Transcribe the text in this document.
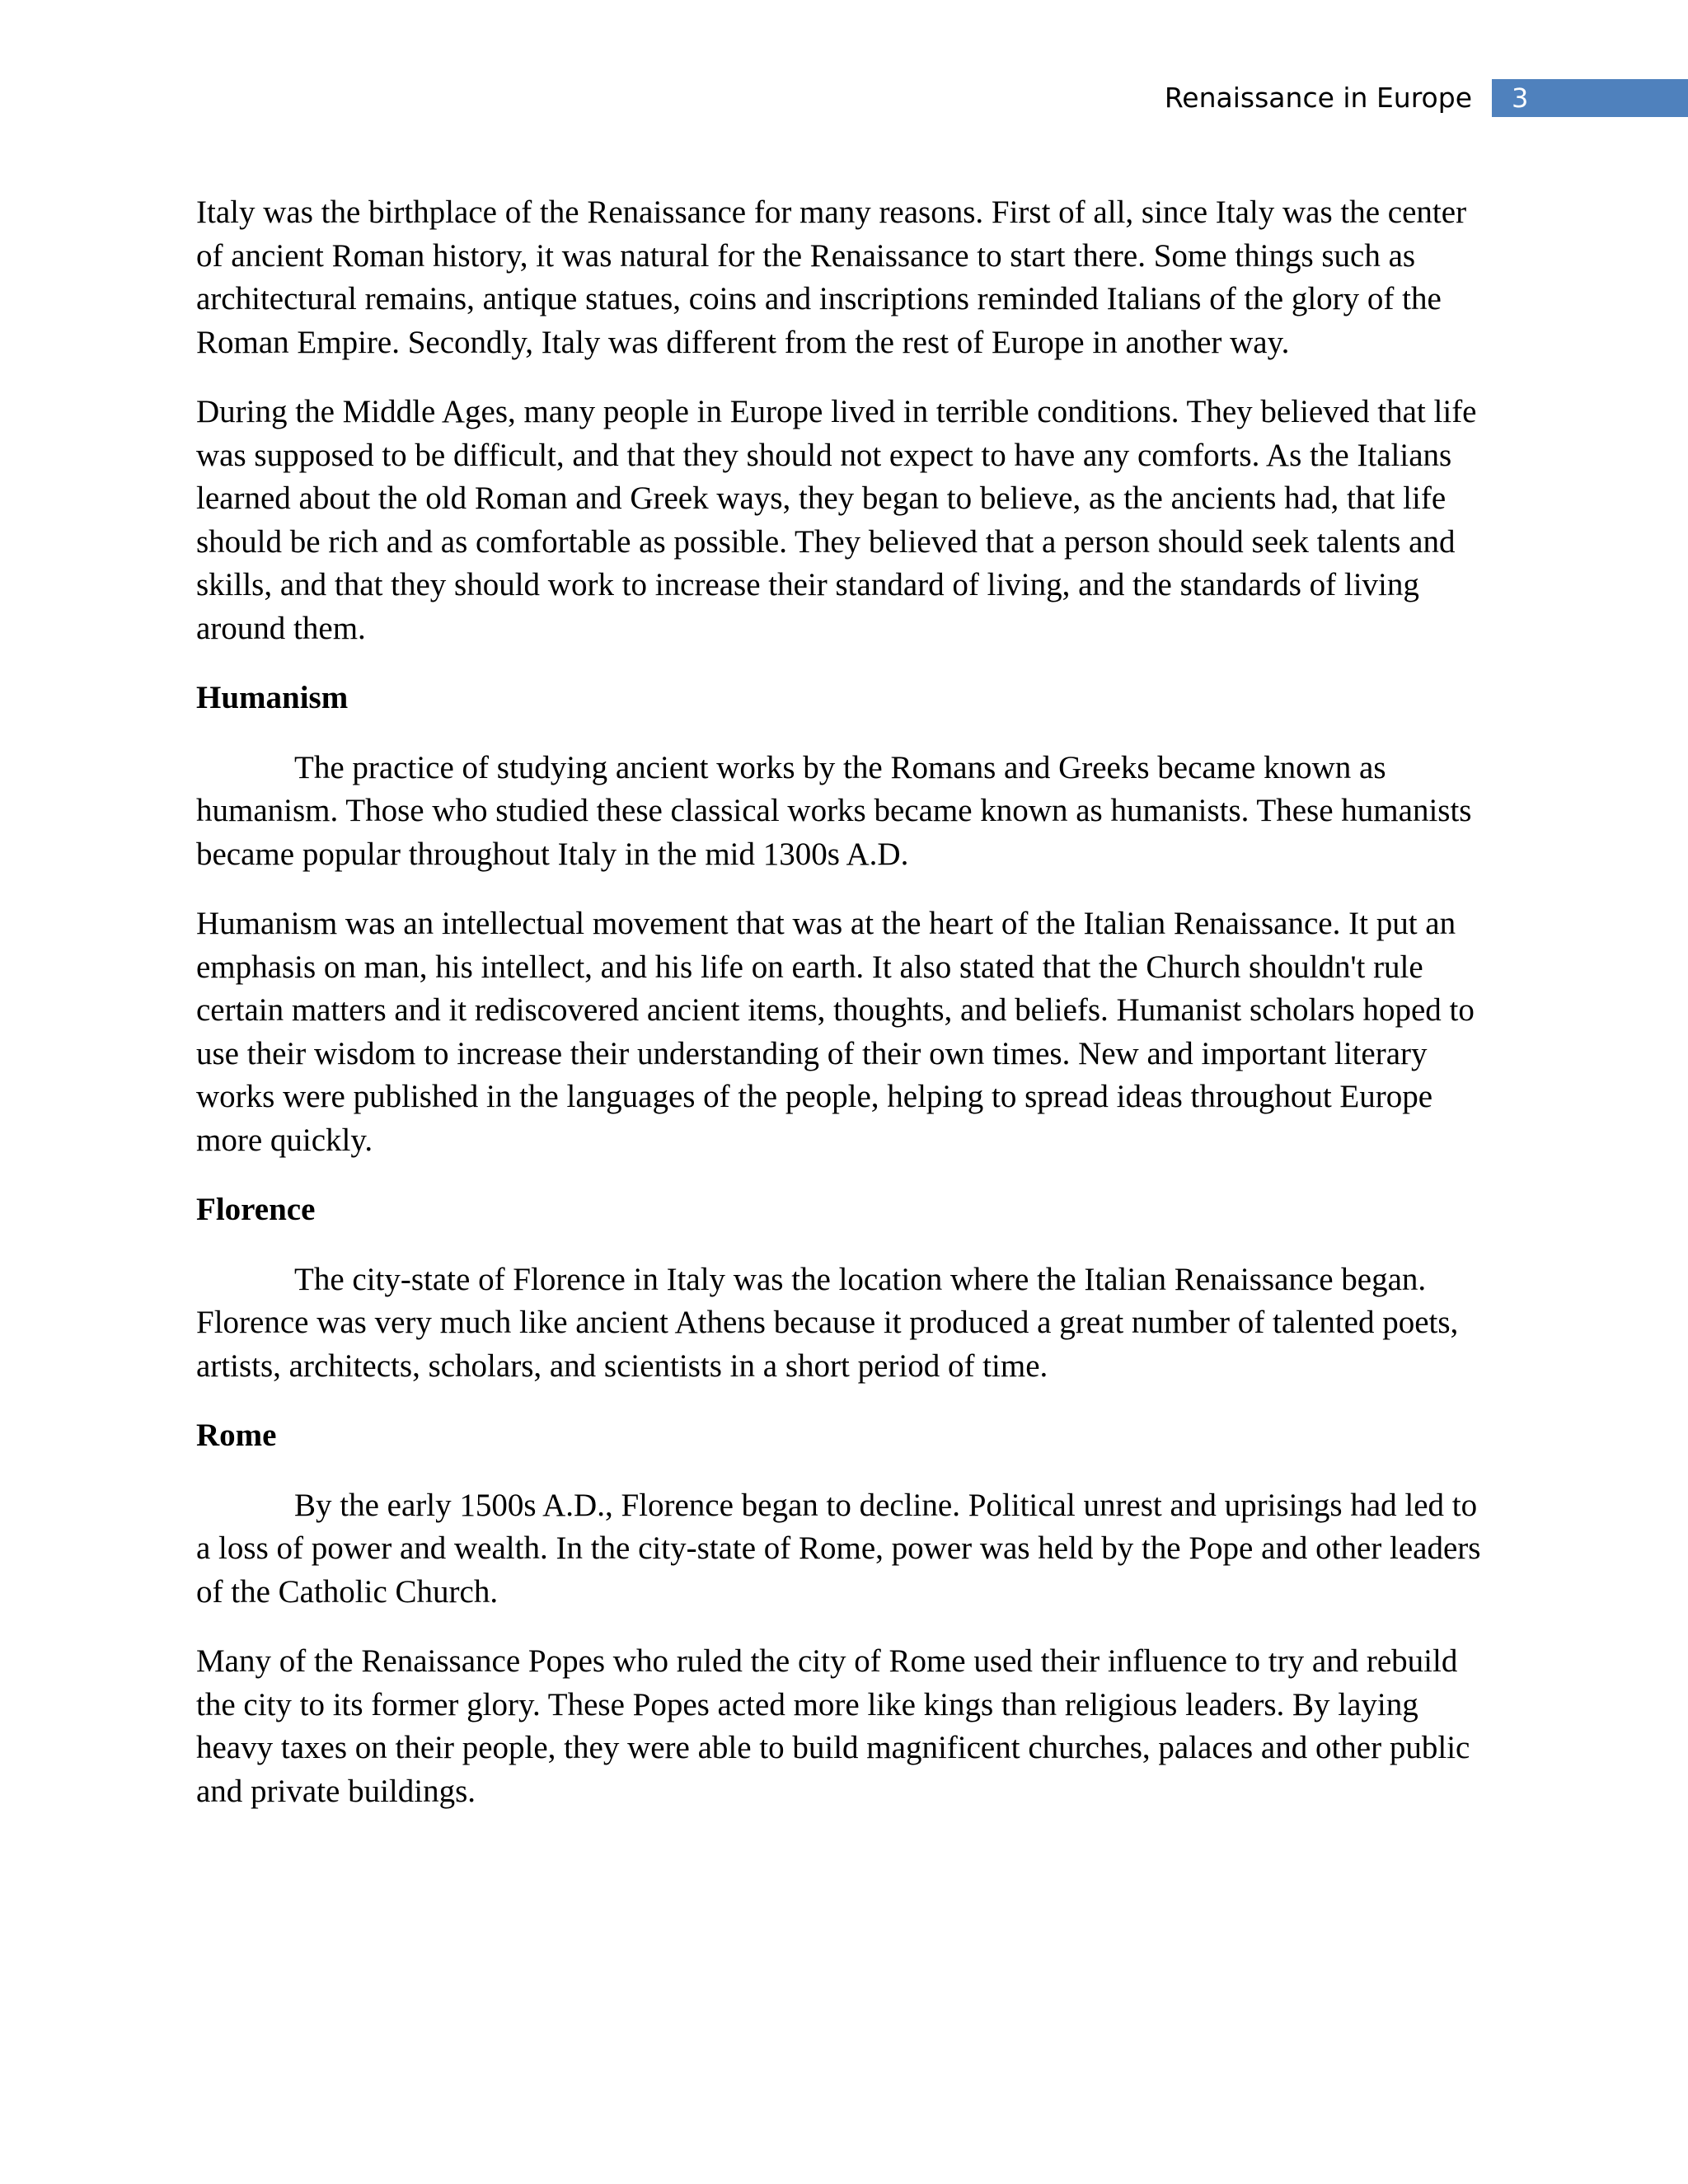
Renaissance in Europe	3

Italy was the birthplace of the Renaissance for many reasons. First of all, since Italy was the center of ancient Roman history, it was natural for the Renaissance to start there. Some things such as architectural remains, antique statues, coins and inscriptions reminded Italians of the glory of the Roman Empire. Secondly, Italy was different from the rest of Europe in another way.

During the Middle Ages, many people in Europe lived in terrible conditions. They believed that life was supposed to be difficult, and that they should not expect to have any comforts. As the Italians learned about the old Roman and Greek ways, they began to believe, as the ancients had, that life should be rich and as comfortable as possible. They believed that a person should seek talents and skills, and that they should work to increase their standard of living, and the standards of living around them.

Humanism

The practice of studying ancient works by the Romans and Greeks became known as humanism. Those who studied these classical works became known as humanists. These humanists became popular throughout Italy in the mid 1300s A.D.

Humanism was an intellectual movement that was at the heart of the Italian Renaissance. It put an emphasis on man, his intellect, and his life on earth. It also stated that the Church shouldn't rule certain matters and it rediscovered ancient items, thoughts, and beliefs. Humanist scholars hoped to use their wisdom to increase their understanding of their own times. New and important literary works were published in the languages of the people, helping to spread ideas throughout Europe more quickly.

Florence

The city-state of Florence in Italy was the location where the Italian Renaissance began. Florence was very much like ancient Athens because it produced a great number of talented poets, artists, architects, scholars, and scientists in a short period of time.

Rome

By the early 1500s A.D., Florence began to decline. Political unrest and uprisings had led to a loss of power and wealth. In the city-state of Rome, power was held by the Pope and other leaders of the Catholic Church.

Many of the Renaissance Popes who ruled the city of Rome used their influence to try and rebuild the city to its former glory. These Popes acted more like kings than religious leaders. By laying heavy taxes on their people, they were able to build magnificent churches, palaces and other public and private buildings.
